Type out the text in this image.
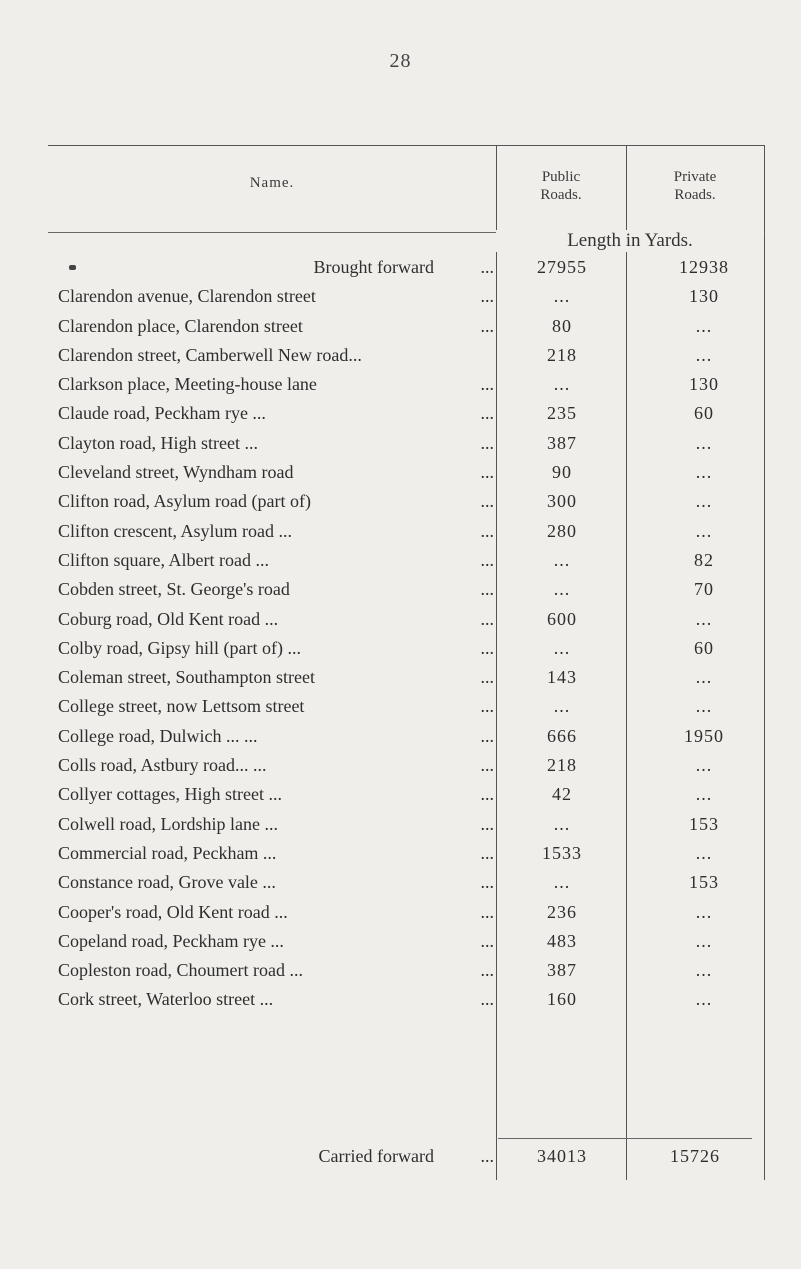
28
Name.	Public
Roads.
Private
Roads.
Length in Yards.
Brought forward	...	27955	12938
Clarendon avenue, Clarendon street	...	...	130
Clarendon place, Clarendon street	...	80	...
Clarendon street, Camberwell New road...	218	...
Clarkson place, Meeting-house lane	...	...	130
Claude road, Peckham rye ...	...	235	60
Clayton road, High street ...	...	387	...
Cleveland street, Wyndham road	...	90	...
Clifton road, Asylum road (part of)	...	300	...
Clifton crescent, Asylum road ...	...	280	...
Clifton square, Albert road ...	...	...	82
Cobden street, St. George's road	...	...	70
Coburg road, Old Kent road ...	...	600	...
Colby road, Gipsy hill (part of) ...	...	...	60
Coleman street, Southampton street	...	143	...
College street, now Lettsom street	...	...	...
College road, Dulwich ... ...	...	666	1950
Colls road, Astbury road... ...	...	218	...
Collyer cottages, High street ...	...	42	...
Colwell road, Lordship lane ...	...	...	153
Commercial road, Peckham ...	...	1533	...
Constance road, Grove vale ...	...	...	153
Cooper's road, Old Kent road ...	...	236	...
Copeland road, Peckham rye ...	...	483	...
Copleston road, Choumert road ...	...	387	...
Cork street, Waterloo street ...	...	160	...
Carried forward	...	34013	15726
